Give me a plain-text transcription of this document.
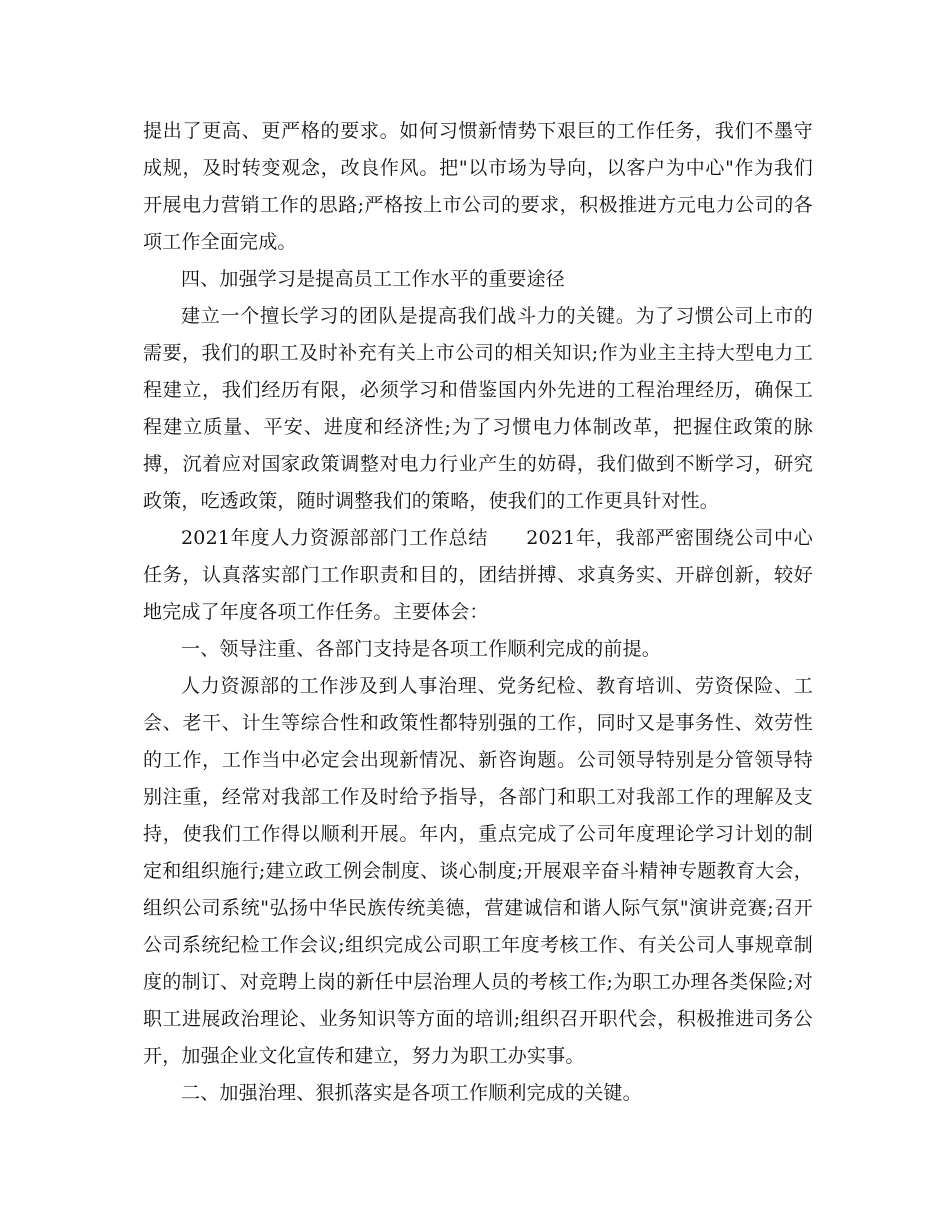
提出了更高、更严格的要求。如何习惯新情势下艰巨的工作任务，我们不墨守成规，及时转变观念，改良作风。把"以市场为导向，以客户为中心"作为我们开展电力营销工作的思路;严格按上市公司的要求，积极推进方元电力公司的各项工作全面完成。

四、加强学习是提高员工工作水平的重要途径

建立一个擅长学习的团队是提高我们战斗力的关键。为了习惯公司上市的需要，我们的职工及时补充有关上市公司的相关知识;作为业主主持大型电力工程建立，我们经历有限，必须学习和借鉴国内外先进的工程治理经历，确保工程建立质量、平安、进度和经济性;为了习惯电力体制改革，把握住政策的脉搏，沉着应对国家政策调整对电力行业产生的妨碍，我们做到不断学习，研究政策，吃透政策，随时调整我们的策略，使我们的工作更具针对性。

2021年度人力资源部部门工作总结 2021年，我部严密围绕公司中心任务，认真落实部门工作职责和目的，团结拼搏、求真务实、开辟创新，较好地完成了年度各项工作任务。主要体会：

一、领导注重、各部门支持是各项工作顺利完成的前提。

人力资源部的工作涉及到人事治理、党务纪检、教育培训、劳资保险、工会、老干、计生等综合性和政策性都特别强的工作，同时又是事务性、效劳性的工作，工作当中必定会出现新情况、新咨询题。公司领导特别是分管领导特别注重，经常对我部工作及时给予指导，各部门和职工对我部工作的理解及支持，使我们工作得以顺利开展。年内，重点完成了公司年度理论学习计划的制定和组织施行;建立政工例会制度、谈心制度;开展艰辛奋斗精神专题教育大会，组织公司系统"弘扬中华民族传统美德，营建诚信和谐人际气氛"演讲竞赛;召开公司系统纪检工作会议;组织完成公司职工年度考核工作、有关公司人事规章制度的制订、对竞聘上岗的新任中层治理人员的考核工作;为职工办理各类保险;对职工进展政治理论、业务知识等方面的培训;组织召开职代会，积极推进司务公开，加强企业文化宣传和建立，努力为职工办实事。

二、加强治理、狠抓落实是各项工作顺利完成的关键。
